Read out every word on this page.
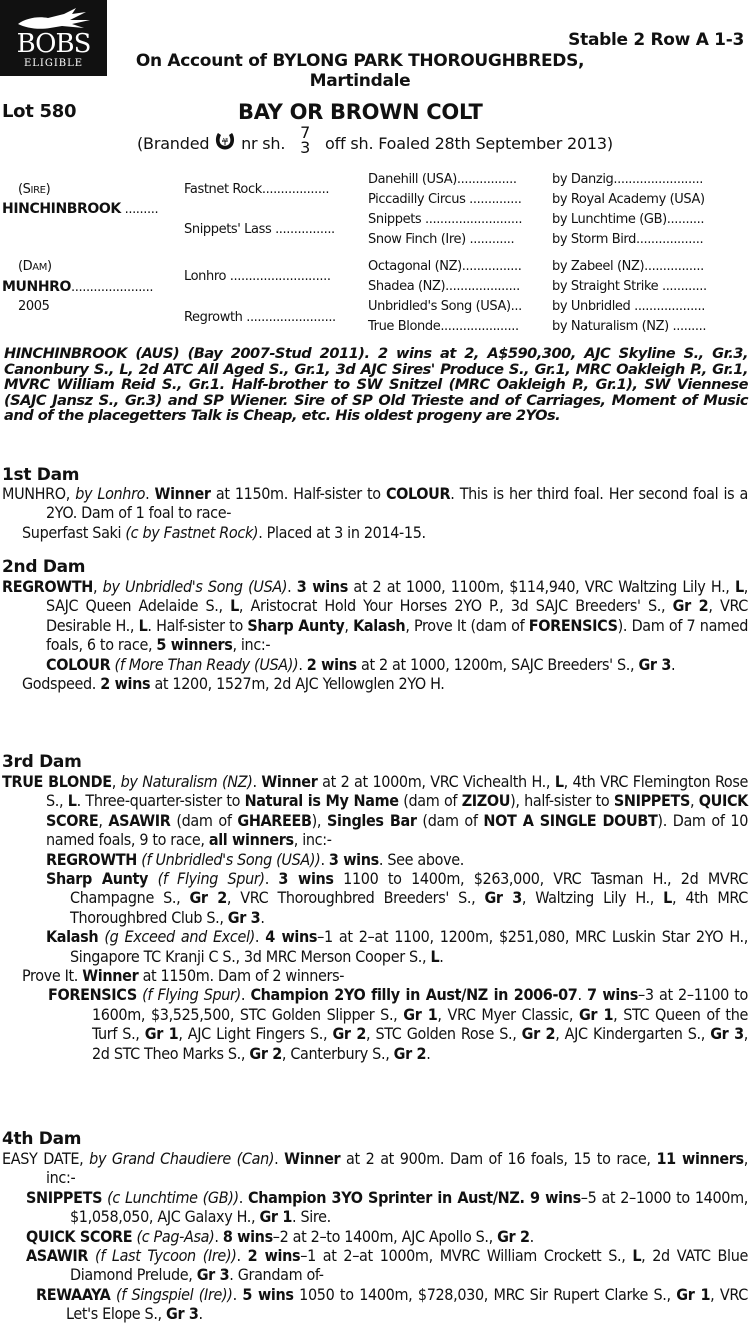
BOBS
ELIGIBLE
Stable 2 Row A 1-3
On Account of BYLONG PARK THOROUGHBREDS,
Martindale
Lot 580	BAY OR BROWN COLT
(Branded nr sh.
7
3 off sh. Foaled 28th September 2013)
(SIRE)
HINCHINBROOK .........
(DAM)
MUNHRO......................
2005
Fastnet Rock..................
Snippets' Lass ................
Lonhro ...........................
Regrowth ........................
Danehill (USA)................
Piccadilly Circus ..............
Snippets ..........................
Snow Finch (Ire) ............
Octagonal (NZ)................
Shadea (NZ)....................
Unbridled's Song (USA)...
True Blonde.....................
by Danzig........................
by Royal Academy (USA)
by Lunchtime (GB)..........
by Storm Bird..................
by Zabeel (NZ)................
by Straight Strike ............
by Unbridled ...................
by Naturalism (NZ) .........
HINCHINBROOK (AUS) (Bay 2007-Stud 2011). 2 wins at 2, A$590,300, AJC Skyline S., Gr.3, Canonbury S., L, 2d ATC All Aged S., Gr.1, 3d AJC Sires' Produce S., Gr.1, MRC Oakleigh P., Gr.1, MVRC William Reid S., Gr.1. Half-brother to SW Snitzel (MRC Oakleigh P., Gr.1), SW Viennese (SAJC Jansz S., Gr.3) and SP Wiener. Sire of SP Old Trieste and of Carriages, Moment of Music and of the placegetters Talk is Cheap, etc. His oldest progeny are 2YOs.
1st Dam
MUNHRO, by Lonhro. Winner at 1150m. Half-sister to COLOUR. This is her third foal. Her second foal is a 2YO. Dam of 1 foal to race-
Superfast Saki (c by Fastnet Rock). Placed at 3 in 2014-15.
2nd Dam
REGROWTH, by Unbridled's Song (USA). 3 wins at 2 at 1000, 1100m, $114,940, VRC Waltzing Lily H., L, SAJC Queen Adelaide S., L, Aristocrat Hold Your Horses 2YO P., 3d SAJC Breeders' S., Gr 2, VRC Desirable H., L. Half-sister to Sharp Aunty, Kalash, Prove It (dam of FORENSICS). Dam of 7 named foals, 6 to race, 5 winners, inc:-
COLOUR (f More Than Ready (USA)). 2 wins at 2 at 1000, 1200m, SAJC Breeders' S., Gr 3.
Godspeed. 2 wins at 1200, 1527m, 2d AJC Yellowglen 2YO H.
3rd Dam
TRUE BLONDE, by Naturalism (NZ). Winner at 2 at 1000m, VRC Vichealth H., L, 4th VRC Flemington Rose S., L. Three-quarter-sister to Natural is My Name (dam of ZIZOU), half-sister to SNIPPETS, QUICK SCORE, ASAWIR (dam of GHAREEB), Singles Bar (dam of NOT A SINGLE DOUBT). Dam of 10 named foals, 9 to race, all winners, inc:-
REGROWTH (f Unbridled's Song (USA)). 3 wins. See above.
Sharp Aunty (f Flying Spur). 3 wins 1100 to 1400m, $263,000, VRC Tasman H., 2d MVRC Champagne S., Gr 2, VRC Thoroughbred Breeders' S., Gr 3, Waltzing Lily H., L, 4th MRC Thoroughbred Club S., Gr 3.
Kalash (g Exceed and Excel). 4 wins–1 at 2–at 1100, 1200m, $251,080, MRC Luskin Star 2YO H., Singapore TC Kranji C S., 3d MRC Merson Cooper S., L.
Prove It. Winner at 1150m. Dam of 2 winners-
FORENSICS (f Flying Spur). Champion 2YO filly in Aust/NZ in 2006-07. 7 wins–3 at 2–1100 to 1600m, $3,525,500, STC Golden Slipper S., Gr 1, VRC Myer Classic, Gr 1, STC Queen of the Turf S., Gr 1, AJC Light Fingers S., Gr 2, STC Golden Rose S., Gr 2, AJC Kindergarten S., Gr 3, 2d STC Theo Marks S., Gr 2, Canterbury S., Gr 2.
4th Dam
EASY DATE, by Grand Chaudiere (Can). Winner at 2 at 900m. Dam of 16 foals, 15 to race, 11 winners, inc:-
SNIPPETS (c Lunchtime (GB)). Champion 3YO Sprinter in Aust/NZ. 9 wins–5 at 2–1000 to 1400m, $1,058,050, AJC Galaxy H., Gr 1. Sire.
QUICK SCORE (c Pag-Asa). 8 wins–2 at 2–to 1400m, AJC Apollo S., Gr 2.
ASAWIR (f Last Tycoon (Ire)). 2 wins–1 at 2–at 1000m, MVRC William Crockett S., L, 2d VATC Blue Diamond Prelude, Gr 3. Grandam of-
REWAAYA (f Singspiel (Ire)). 5 wins 1050 to 1400m, $728,030, MRC Sir Rupert Clarke S., Gr 1, VRC Let's Elope S., Gr 3.
